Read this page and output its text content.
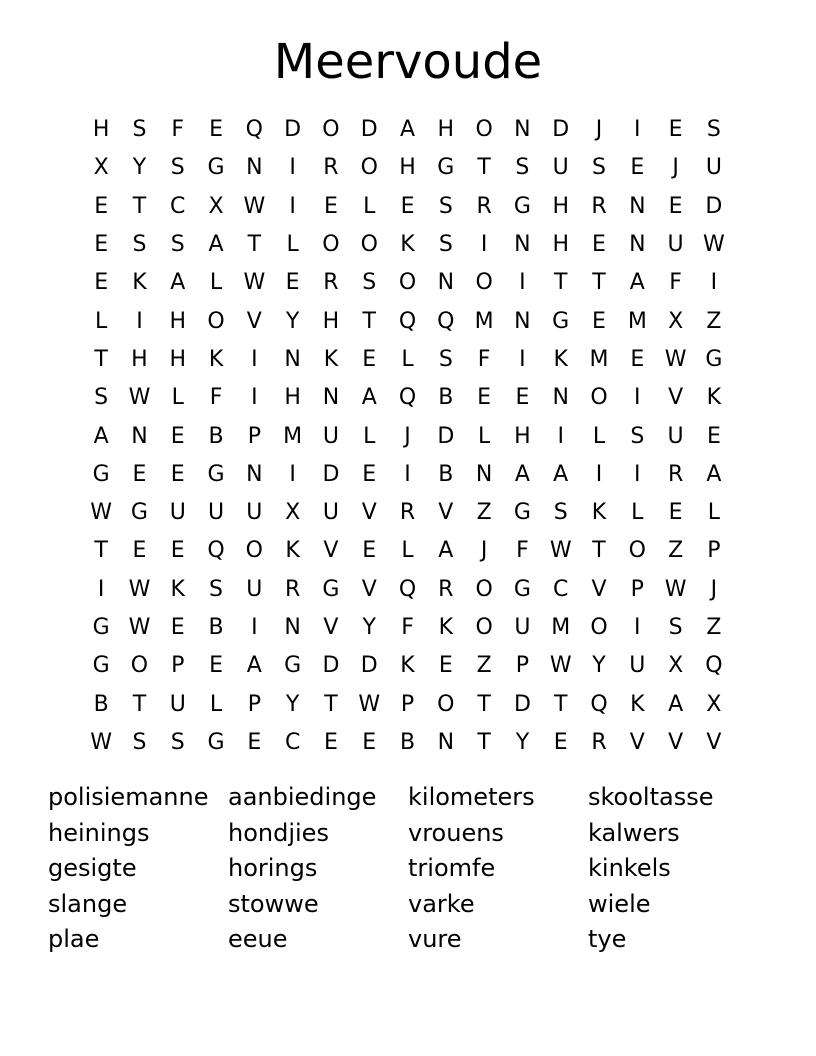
Meervoude
H	S	F	E	Q D O D	A	H O N D	J	I	E	S
X	Y	S	G N	I	R O H G	T	S	U	S	E	J	U
E	T	C	X W	I	E	L	E	S	R	G H	R	N	E	D
E	S	S	A	T	L	O O	K	S	I	N H	E	N	U W
E	K	A	L W E	R	S	O N O	I	T	T	A	F	I
L	I	H O	V	Y	H	T	Q Q M N G	E M X	Z
T	H H	K	I	N	K	E	L	S	F	I	K M E W G
S W L	F	I	H N	A	Q	B	E	E	N O	I	V	K
A	N	E	B	P	M U	L	J	D	L	H	I	L	S	U	E
G	E	E	G N	I	D	E	I	B	N	A	A	I	I	R	A
W G U	U	U	X	U	V	R	V	Z	G	S	K	L	E	L
T	E	E	Q O	K	V	E	L	A	J	F W T	O	Z	P
I	W K	S	U	R	G	V	Q R O G	C	V	P W	J
G W E	B	I	N	V	Y	F	K	O U M O	I	S	Z
G O	P	E	A	G D D	K	E	Z	P W Y	U	X	Q
B	T	U	L	P	Y	T W P	O	T	D	T	Q	K	A	X
W S	S	G	E	C	E	E	B	N	T	Y	E	R	V	V	V
polisiemanne aanbiedinge	kilometers	skooltasse
heinings	hondjies	vrouens	kalwers
gesigte	horings	triomfe	kinkels
slange	stowwe	varke	wiele
plae	eeue	vure	tye
